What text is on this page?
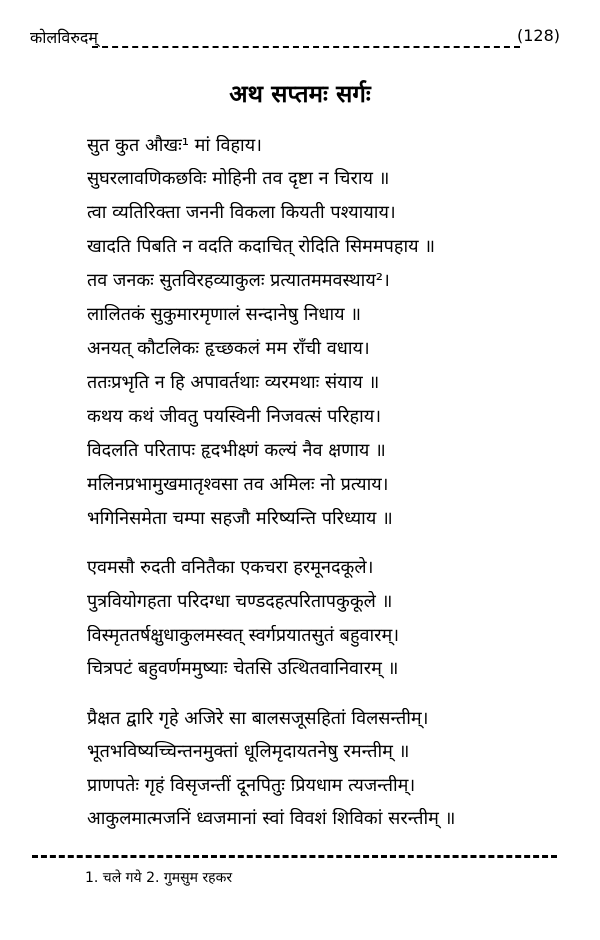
कोलविरुदम्	(128)
अथ सप्तमः सर्गः
सुत कुत औखः¹ मां विहाय।
सुघरलावणिकछविः मोहिनी तव दृष्टा न चिराय ॥
त्वा व्यतिरिक्ता जननी विकला कियती पश्यायाय।
खादति पिबति न वदति कदाचित् रोदिति सिममपहाय ॥
तव जनकः सुतविरहव्याकुलः प्रत्यातममवस्थाय²।
लालितकं सुकुमारमृणालं सन्दानेषु निधाय ॥
अनयत् कौटलिकः हृच्छकलं मम राँची वधाय।
ततःप्रभृति न हि अपावर्तथाः व्यरमथाः संयाय ॥
कथय कथं जीवतु पयस्विनी निजवत्सं परिहाय।
विदलति परितापः हृदभीक्ष्णं कल्यं नैव क्षणाय ॥
मलिनप्रभामुखमातृश्वसा तव अमिलः नो प्रत्याय।
भगिनिसमेता चम्पा सहजौ मरिष्यन्ति परिध्याय ॥
एवमसौ रुदती वनितैका एकचरा हरमूनदकूले।
पुत्रवियोगहता परिदग्धा चण्डदहत्परितापकुकूले ॥
विस्मृततर्षक्षुधाकुलमस्वत् स्वर्गप्रयातसुतं बहुवारम्।
चित्रपटं बहुवर्णममुष्याः चेतसि उत्थितवानिवारम् ॥
प्रैक्षत द्वारि गृहे अजिरे सा बालसजूसहितां विलसन्तीम्।
भूतभविष्यच्चिन्तनमुक्तां धूलिमृदायतनेषु रमन्तीम् ॥
प्राणपतेः गृहं विसृजन्तीं दूनपितुः प्रियधाम त्यजन्तीम्।
आकुलमात्मजनिं ध्वजमानां स्वां विवशं शिविकां सरन्तीम् ॥
1. चले गये 2. गुमसुम रहकर
